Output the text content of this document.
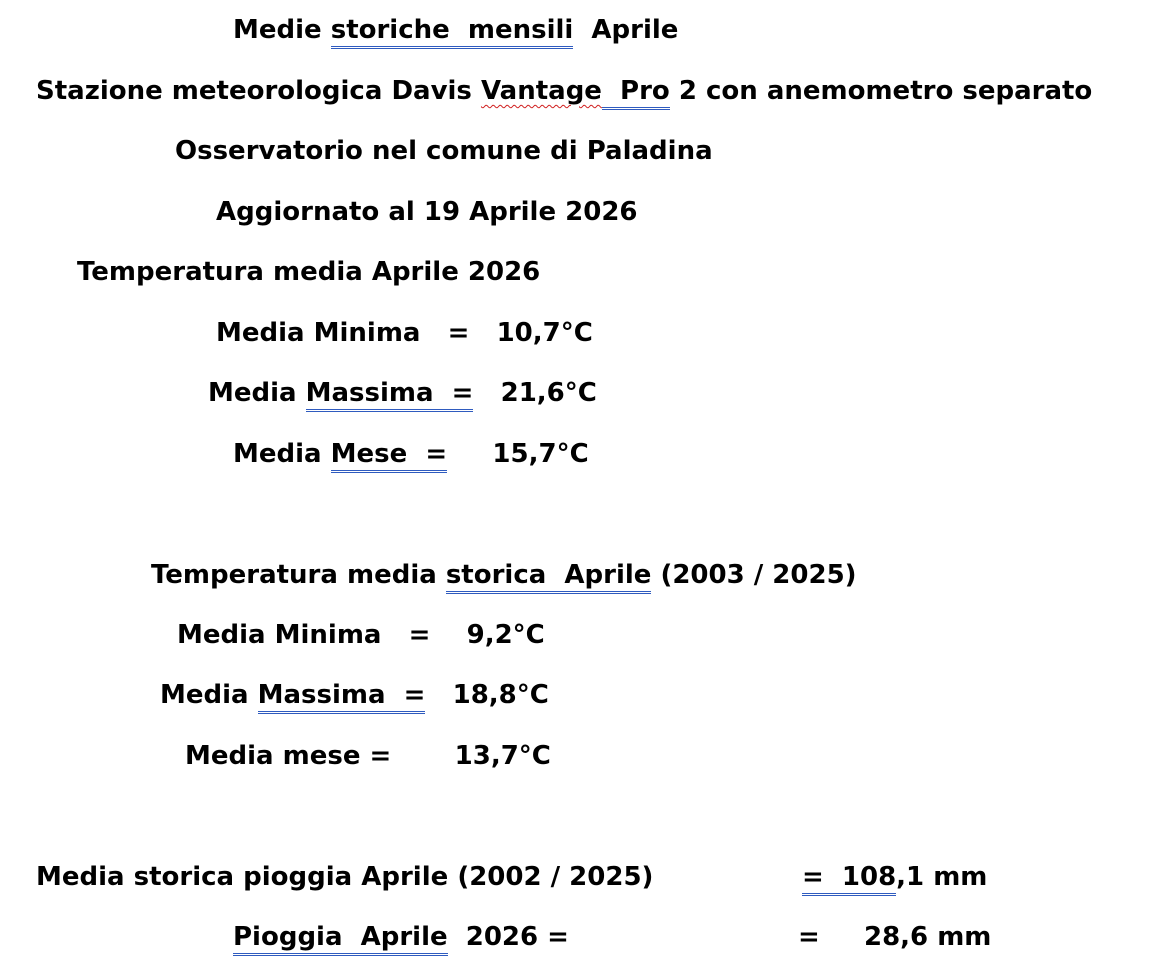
Medie storiche  mensili  Aprile

Stazione meteorologica Davis Vantage  Pro 2 con anemometro separato

Osservatorio nel comune di Paladina

Aggiornato al 19 Aprile 2026

Temperatura media Aprile 2026

Media Minima   =   10,7°C

Media Massima  =   21,6°C

Media Mese  =     15,7°C

Temperatura media storica  Aprile (2003 / 2025)

Media Minima   =    9,2°C

Media Massima  =   18,8°C

Media mese =       13,7°C

Media storica pioggia Aprile (2002 / 2025)	=  108,1 mm

Pioggia  Aprile  2026 =	= 28,6 mm
